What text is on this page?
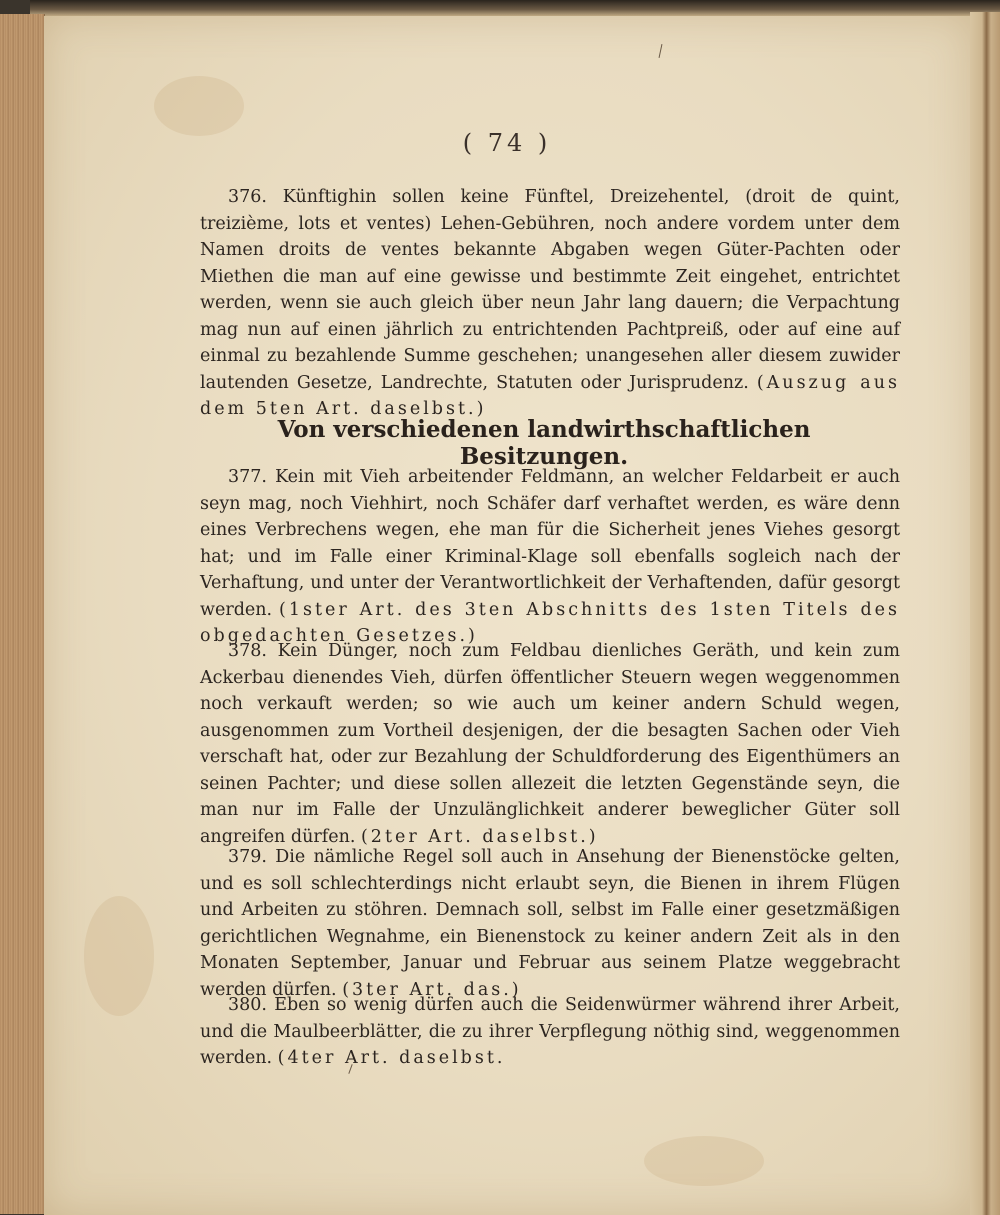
( 74 )

376. Künftighin sollen keine Fünftel, Dreizehentel, (droit de quint, treizième, lots et ventes) Lehen-Gebühren, noch andere vordem unter dem Namen droits de ventes bekannte Abgaben wegen Güter-Pachten oder Miethen die man auf eine gewisse und bestimmte Zeit eingehet, entrichtet werden, wenn sie auch gleich über neun Jahr lang dauern; die Verpachtung mag nun auf einen jährlich zu entrichtenden Pachtpreiß, oder auf eine auf einmal zu bezahlende Summe geschehen; unangesehen aller diesem zuwider lautenden Gesetze, Landrechte, Statuten oder Jurisprudenz. (Auszug aus dem 5ten Art. daselbst.)

Von verschiedenen landwirthschaftlichen Besitzungen.

377. Kein mit Vieh arbeitender Feldmann, an welcher Feldarbeit er auch seyn mag, noch Viehhirt, noch Schäfer darf verhaftet werden, es wäre denn eines Verbrechens wegen, ehe man für die Sicherheit jenes Viehes gesorgt hat; und im Falle einer Kriminal-Klage soll ebenfalls sogleich nach der Verhaftung, und unter der Verantwortlichkeit der Verhaftenden, dafür gesorgt werden. (1ster Art. des 3ten Abschnitts des 1sten Titels des obgedachten Gesetzes.)

378. Kein Dünger, noch zum Feldbau dienliches Geräth, und kein zum Ackerbau dienendes Vieh, dürfen öffentlicher Steuern wegen weggenommen noch verkauft werden; so wie auch um keiner andern Schuld wegen, ausgenommen zum Vortheil desjenigen, der die besagten Sachen oder Vieh verschaft hat, oder zur Bezahlung der Schuldforderung des Eigenthümers an seinen Pachter; und diese sollen allezeit die letzten Gegenstände seyn, die man nur im Falle der Unzulänglichkeit anderer beweglicher Güter soll angreifen dürfen. (2ter Art. daselbst.)

379. Die nämliche Regel soll auch in Ansehung der Bienenstöcke gelten, und es soll schlechterdings nicht erlaubt seyn, die Bienen in ihrem Flügen und Arbeiten zu stöhren. Demnach soll, selbst im Falle einer gesetzmäßigen gerichtlichen Wegnahme, ein Bienenstock zu keiner andern Zeit als in den Monaten September, Januar und Februar aus seinem Platze weggebracht werden dürfen. (3ter Art. das.)

380. Eben so wenig dürfen auch die Seidenwürmer während ihrer Arbeit, und die Maulbeerblätter, die zu ihrer Verpflegung nöthig sind, weggenommen werden. (4ter Art. daselbst.
